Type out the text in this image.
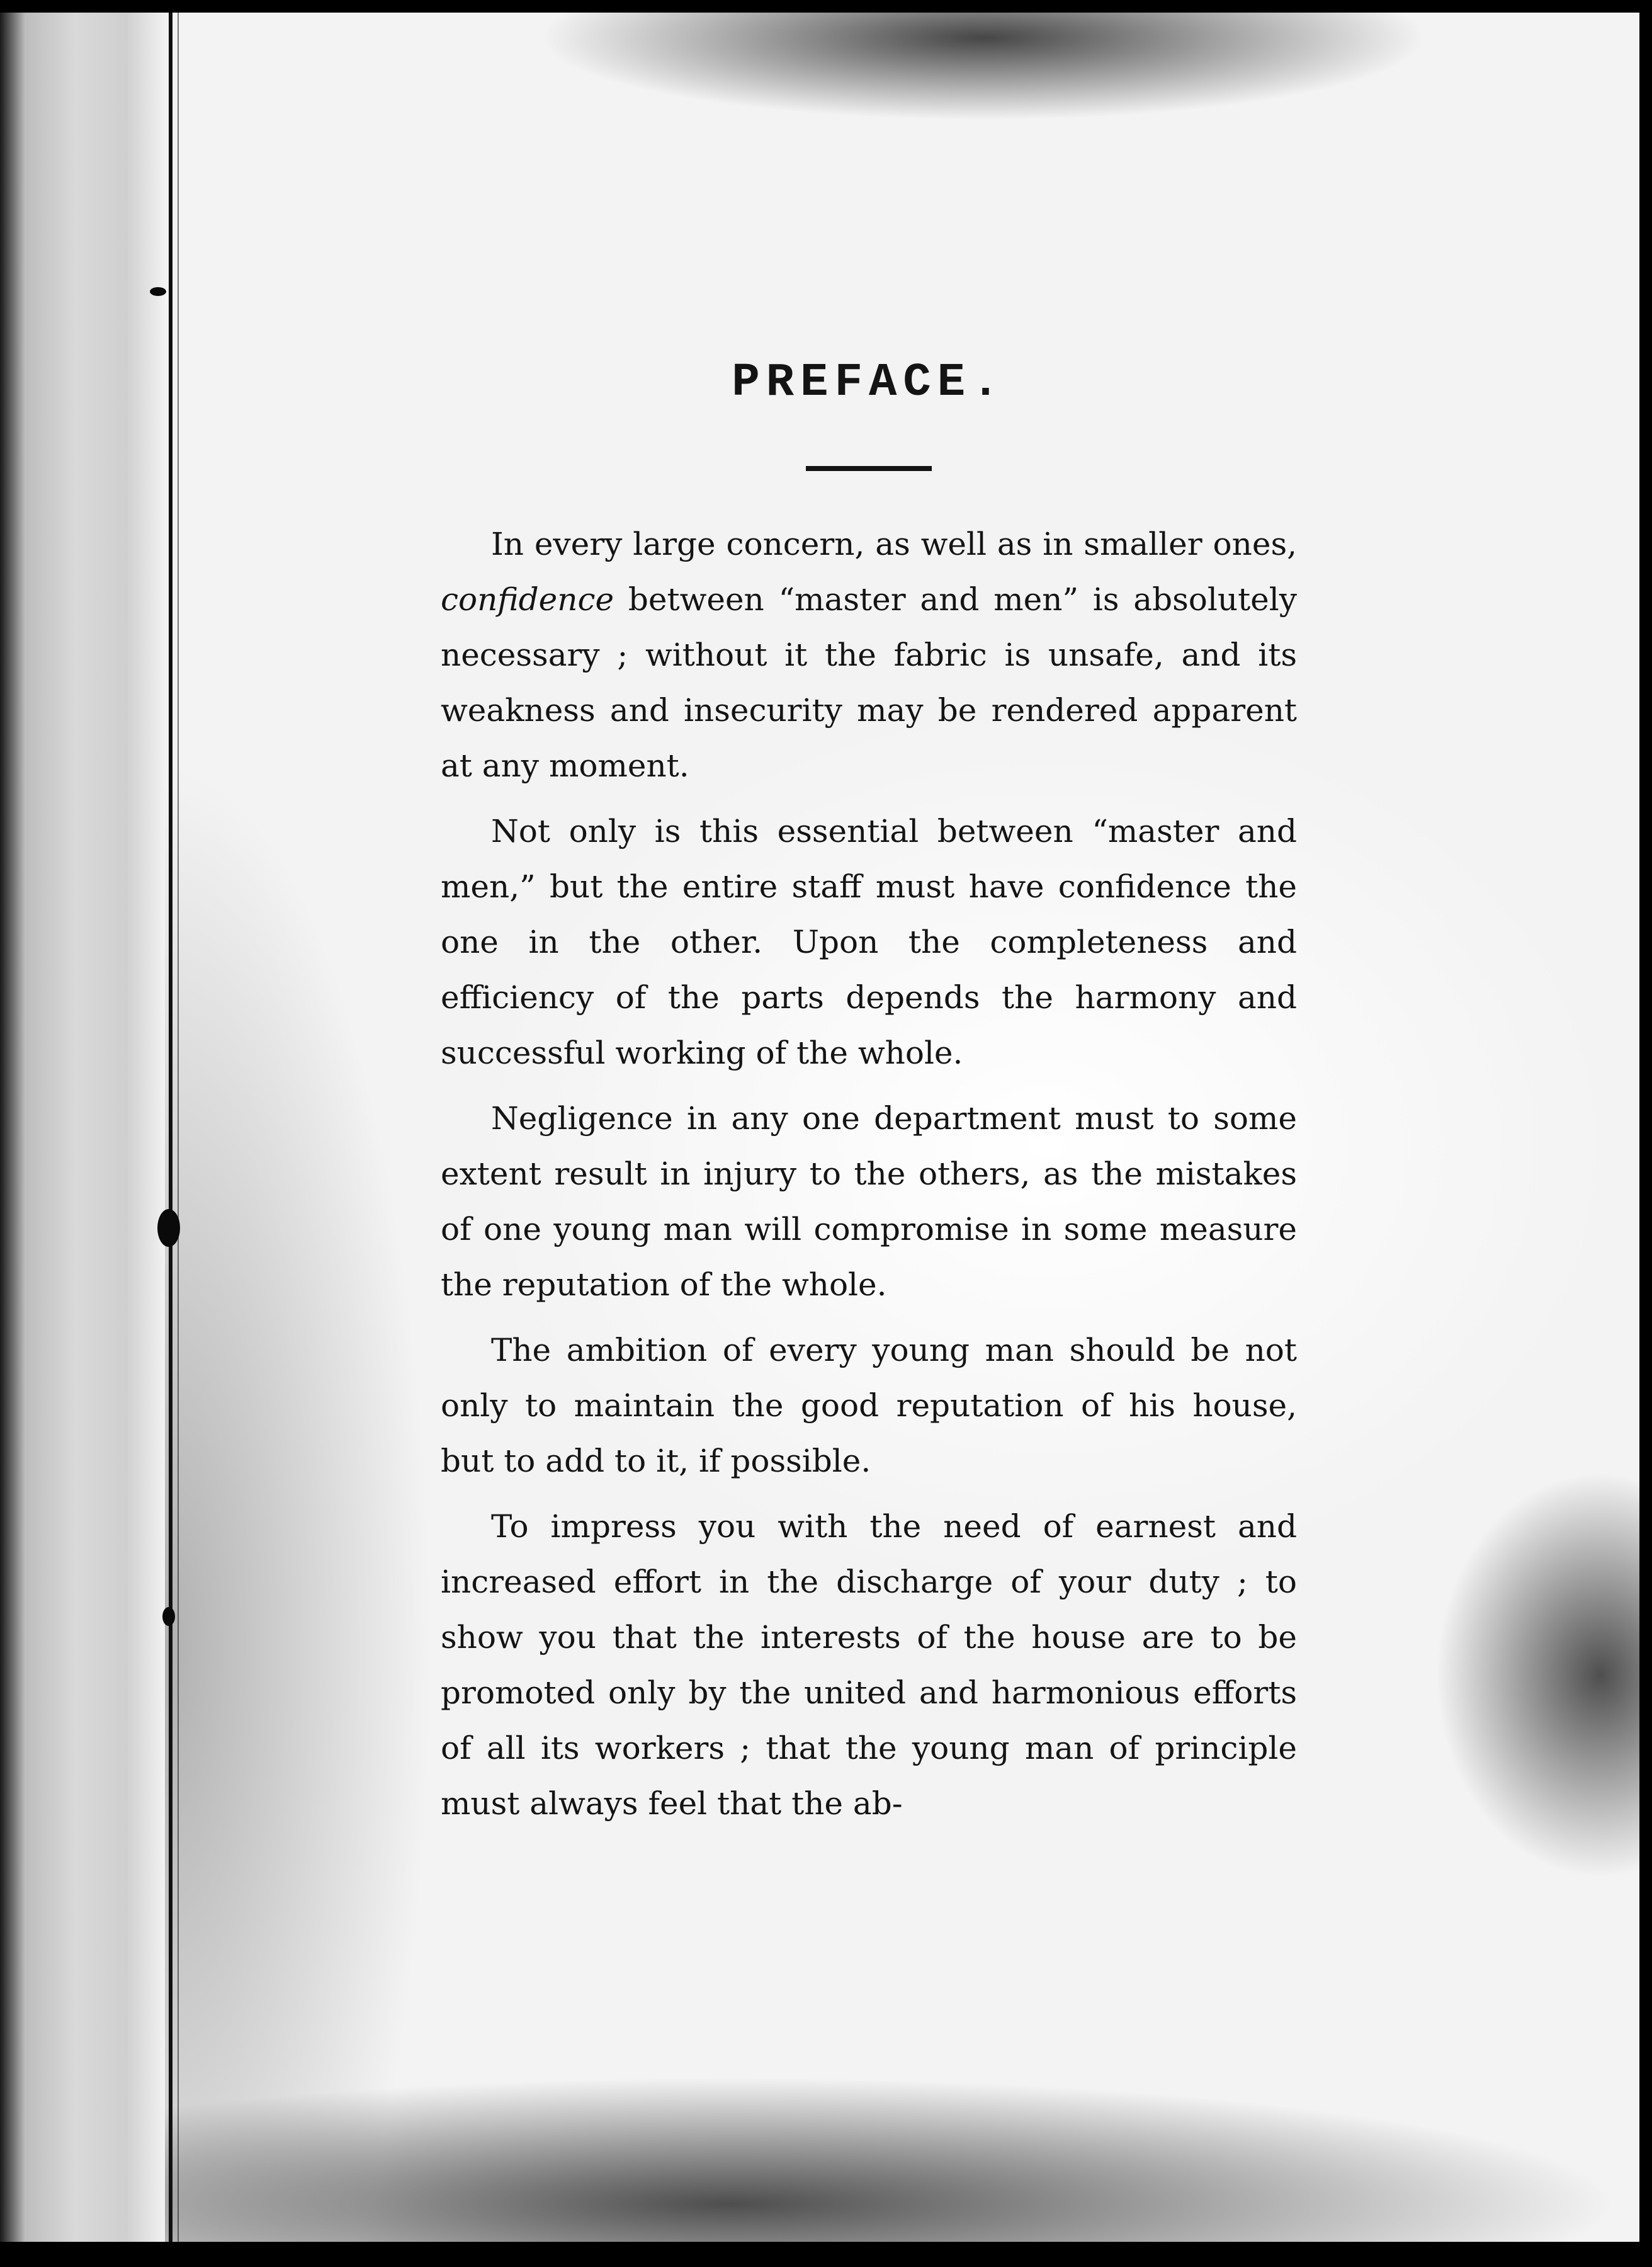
PREFACE.

In every large concern, as well as in smaller ones, confidence between “master and men” is absolutely necessary ; without it the fabric is unsafe, and its weakness and insecurity may be rendered apparent at any moment.

Not only is this essential between “master and men,” but the entire staff must have confidence the one in the other. Upon the completeness and efficiency of the parts depends the harmony and successful working of the whole.

Negligence in any one department must to some extent result in injury to the others, as the mistakes of one young man will compromise in some measure the reputation of the whole.

The ambition of every young man should be not only to maintain the good reputation of his house, but to add to it, if possible.

To impress you with the need of earnest and increased effort in the discharge of your duty ; to show you that the interests of the house are to be promoted only by the united and harmonious efforts of all its workers ; that the young man of principle must always feel that the ab-
